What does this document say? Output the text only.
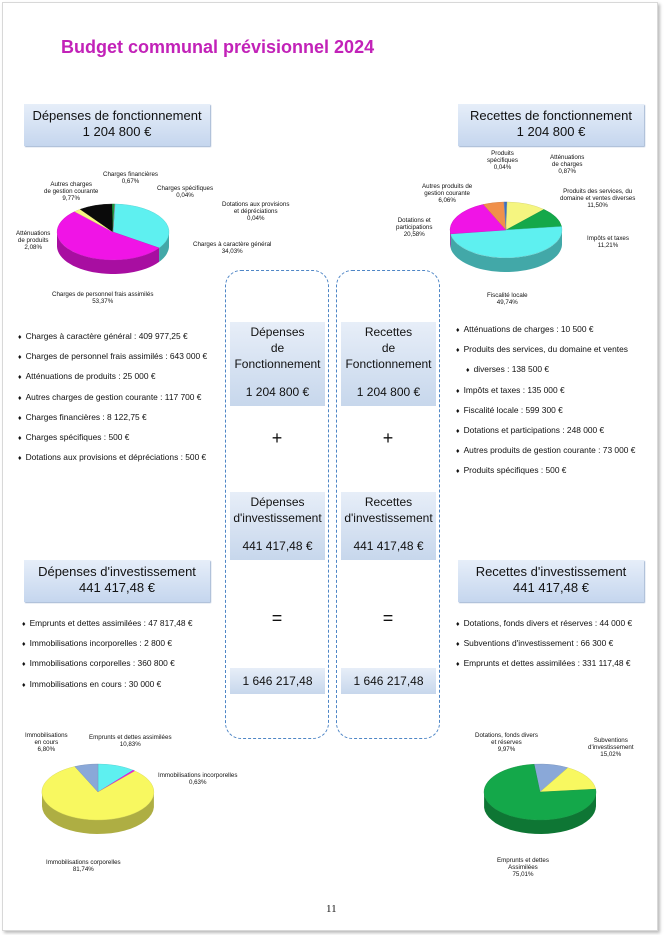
Budget communal prévisionnel 2024
Dépenses de fonctionnement
1 204 800 €
Recettes de fonctionnement
1 204 800 €
Dépenses d'investissement
441 417,48 €
Recettes d'investissement
441 417,48 €
Charges financières
0,67%
Autres charges
de gestion courante
9,77%
Charges spécifiques
0,04%
Dotations aux provisions
et dépréciations
0,04%
Atténuations
de produits
2,08%	Charges à caractère général
34,03%
Charges de personnel frais assimilés
53,37%
Produits
spécifiques
0,04%
Atténuations
de charges
0,87%
Autres produits de
gestion courante
6,06%
Produits des services, du
domaine et ventes diverses
11,50%
Dotations et
participations
20,58%
Impôts et taxes
11,21%
Fiscalité locale
49,74%
Immobilisations
en cours
6,80%
Emprunts et dettes assimilées
10,83%
Immobilisations incorporelles
0,63%
Immobilisations corporelles
81,74%
Dotations, fonds divers
et réserves
9,97%
Subventions
d'investissement
15,02%
Emprunts et dettes
Assimilées
75,01%
♦ Charges à caractère général : 409 977,25 €
♦ Charges de personnel frais assimilés : 643 000 €
♦ Atténuations de produits : 25 000 €
♦ Autres charges de gestion courante : 117 700 €
♦ Charges financières : 8 122,75 €
♦ Charges spécifiques : 500 €
♦ Dotations aux provisions et dépréciations : 500 €
♦ Atténuations de charges : 10 500 €
♦ Produits des services, du domaine et ventes
♦ diverses : 138 500 €
♦ Impôts et taxes : 135 000 €
♦ Fiscalité locale : 599 300 €
♦ Dotations et participations : 248 000 €
♦ Autres produits de gestion courante : 73 000 €
♦ Produits spécifiques : 500 €
♦ Emprunts et dettes assimilées : 47 817,48 €
♦ Immobilisations incorporelles : 2 800 €
♦ Immobilisations corporelles : 360 800 €
♦ Immobilisations en cours : 30 000 €
♦ Dotations, fonds divers et réserves : 44 000 €
♦ Subventions d'investissement : 66 300 €
♦ Emprunts et dettes assimilées : 331 117,48 €
Dépenses
de
Fonctionnement
1 204 800 €
+
Dépenses
d'investissement
441 417,48 €
=
1 646 217,48
Recettes
de
Fonctionnement
1 204 800 €
+
Recettes
d'investissement
441 417,48 €
=
1 646 217,48
11
